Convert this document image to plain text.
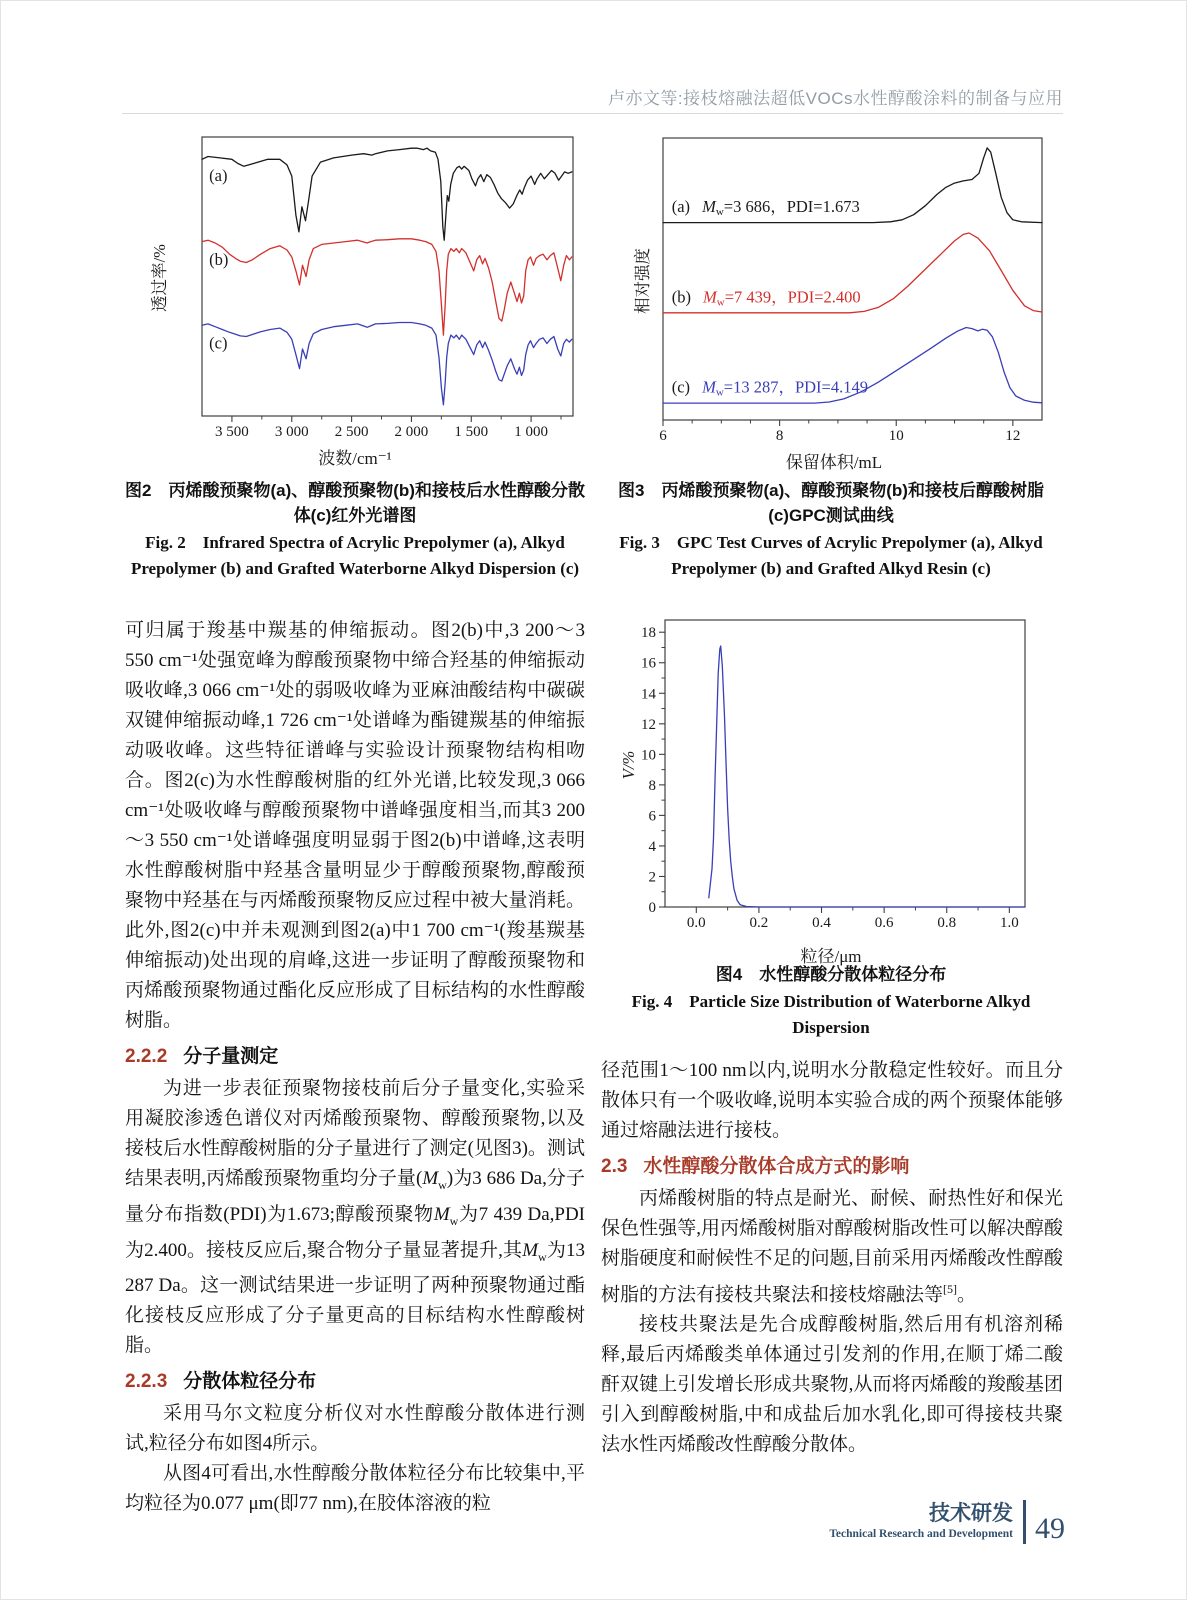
卢亦文等:接枝熔融法超低VOCs水性醇酸涂料的制备与应用
3 500 3 000 2 500 2 000 1 500 1 000
(a)
(b)
(c)
透过率/%
波数/cm⁻¹
图2　丙烯酸预聚物(a)、醇酸预聚物(b)和接枝后水性醇酸分散体(c)红外光谱图
Fig. 2　Infrared Spectra of Acrylic Prepolymer (a), Alkyd Prepolymer (b) and Grafted Waterborne Alkyd Dispersion (c)
6	8	10	12
(a) Mw=3 686，PDI=1.673
(b) Mw=7 439，PDI=2.400
(c) Mw=13 287，PDI=4.149
相对强度
保留体积/mL
图3　丙烯酸预聚物(a)、醇酸预聚物(b)和接枝后醇酸树脂(c)GPC测试曲线
Fig. 3　GPC Test Curves of Acrylic Prepolymer (a), Alkyd Prepolymer (b) and Grafted Alkyd Resin (c)
0.0	0.2	0.4	0.6	0.8	1.0
0
2
4
6
8
10
12
14
16
18
V/%
粒径/μm
图4　水性醇酸分散体粒径分布
Fig. 4　Particle Size Distribution of Waterborne Alkyd Dispersion

可归属于羧基中羰基的伸缩振动。图2(b)中,3 200～3 550 cm⁻¹处强宽峰为醇酸预聚物中缔合羟基的伸缩振动吸收峰,3 066 cm⁻¹处的弱吸收峰为亚麻油酸结构中碳碳双键伸缩振动峰,1 726 cm⁻¹处谱峰为酯键羰基的伸缩振动吸收峰。这些特征谱峰与实验设计预聚物结构相吻合。图2(c)为水性醇酸树脂的红外光谱,比较发现,3 066 cm⁻¹处吸收峰与醇酸预聚物中谱峰强度相当,而其3 200～3 550 cm⁻¹处谱峰强度明显弱于图2(b)中谱峰,这表明水性醇酸树脂中羟基含量明显少于醇酸预聚物,醇酸预聚物中羟基在与丙烯酸预聚物反应过程中被大量消耗。此外,图2(c)中并未观测到图2(a)中1 700 cm⁻¹(羧基羰基伸缩振动)处出现的肩峰,这进一步证明了醇酸预聚物和丙烯酸预聚物通过酯化反应形成了目标结构的水性醇酸树脂。

2.2.2 分子量测定

为进一步表征预聚物接枝前后分子量变化,实验采用凝胶渗透色谱仪对丙烯酸预聚物、醇酸预聚物,以及接枝后水性醇酸树脂的分子量进行了测定(见图3)。测试结果表明,丙烯酸预聚物重均分子量$(M_w)$为3 686 Da,分子量分布指数(PDI)为1.673;醇酸预聚物$M_w$为7 439 Da,PDI为2.400。接枝反应后,聚合物分子量显著提升,其$M_w$为13 287 Da。这一测试结果进一步证明了两种预聚物通过酯化接枝反应形成了分子量更高的目标结构水性醇酸树脂。

2.2.3 分散体粒径分布

采用马尔文粒度分析仪对水性醇酸分散体进行测试,粒径分布如图4所示。

从图4可看出,水性醇酸分散体粒径分布比较集中,平均粒径为0.077 μm(即77 nm),在胶体溶液的粒

径范围1～100 nm以内,说明水分散稳定性较好。而且分散体只有一个吸收峰,说明本实验合成的两个预聚体能够通过熔融法进行接枝。

2.3 水性醇酸分散体合成方式的影响

丙烯酸树脂的特点是耐光、耐候、耐热性好和保光保色性强等,用丙烯酸树脂对醇酸树脂改性可以解决醇酸树脂硬度和耐候性不足的问题,目前采用丙烯酸改性醇酸树脂的方法有接枝共聚法和接枝熔融法等[5]。

接枝共聚法是先合成醇酸树脂,然后用有机溶剂稀释,最后丙烯酸类单体通过引发剂的作用,在顺丁烯二酸酐双键上引发增长形成共聚物,从而将丙烯酸的羧酸基团引入到醇酸树脂,中和成盐后加水乳化,即可得接枝共聚法水性丙烯酸改性醇酸分散体。

技术研发
Technical Research and Development 49
